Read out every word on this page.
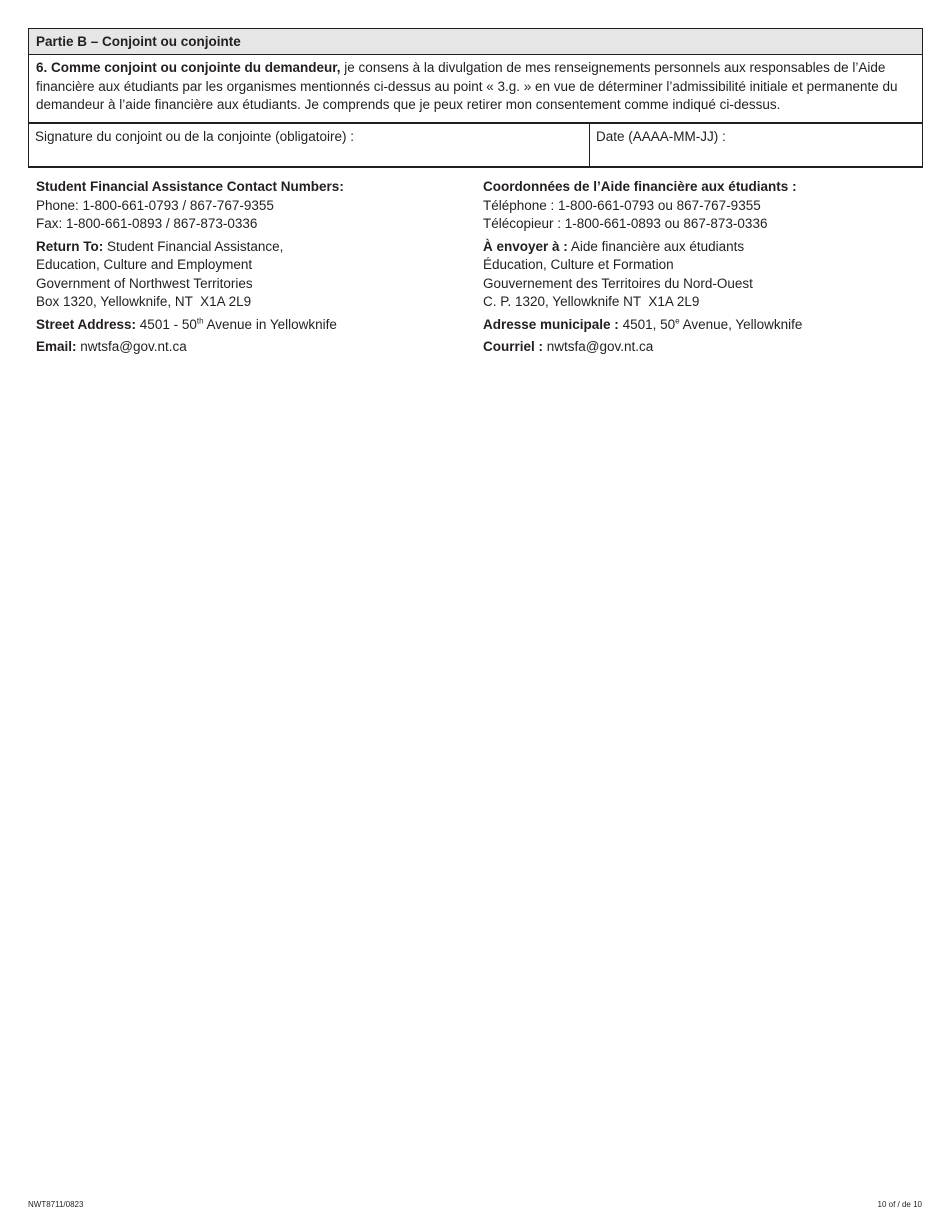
Partie B – Conjoint ou conjointe
6. Comme conjoint ou conjointe du demandeur, je consens à la divulgation de mes renseignements personnels aux responsables de l’Aide financière aux étudiants par les organismes mentionnés ci-dessus au point « 3.g. » en vue de déterminer l’admissibilité initiale et permanente du demandeur à l’aide financière aux étudiants. Je comprends que je peux retirer mon consentement comme indiqué ci-dessus.
Signature du conjoint ou de la conjointe (obligatoire) :	Date (AAAA-MM-JJ) :
Student Financial Assistance Contact Numbers:
Phone: 1-800-661-0793 / 867-767-9355
Fax: 1-800-661-0893 / 867-873-0336
Return To: Student Financial Assistance,
Education, Culture and Employment
Government of Northwest Territories
Box 1320, Yellowknife, NT  X1A 2L9
Street Address: 4501 - 50th Avenue in Yellowknife
Email: nwtsfa@gov.nt.ca
Coordonnées de l’Aide financière aux étudiants :
Téléphone : 1-800-661-0793 ou 867-767-9355
Télécopieur : 1-800-661-0893 ou 867-873-0336
À envoyer à : Aide financière aux étudiants
Éducation, Culture et Formation
Gouvernement des Territoires du Nord-Ouest
C. P. 1320, Yellowknife NT  X1A 2L9
Adresse municipale : 4501, 50e Avenue, Yellowknife
Courriel : nwtsfa@gov.nt.ca
NWT8711/0823	10 of / de 10
